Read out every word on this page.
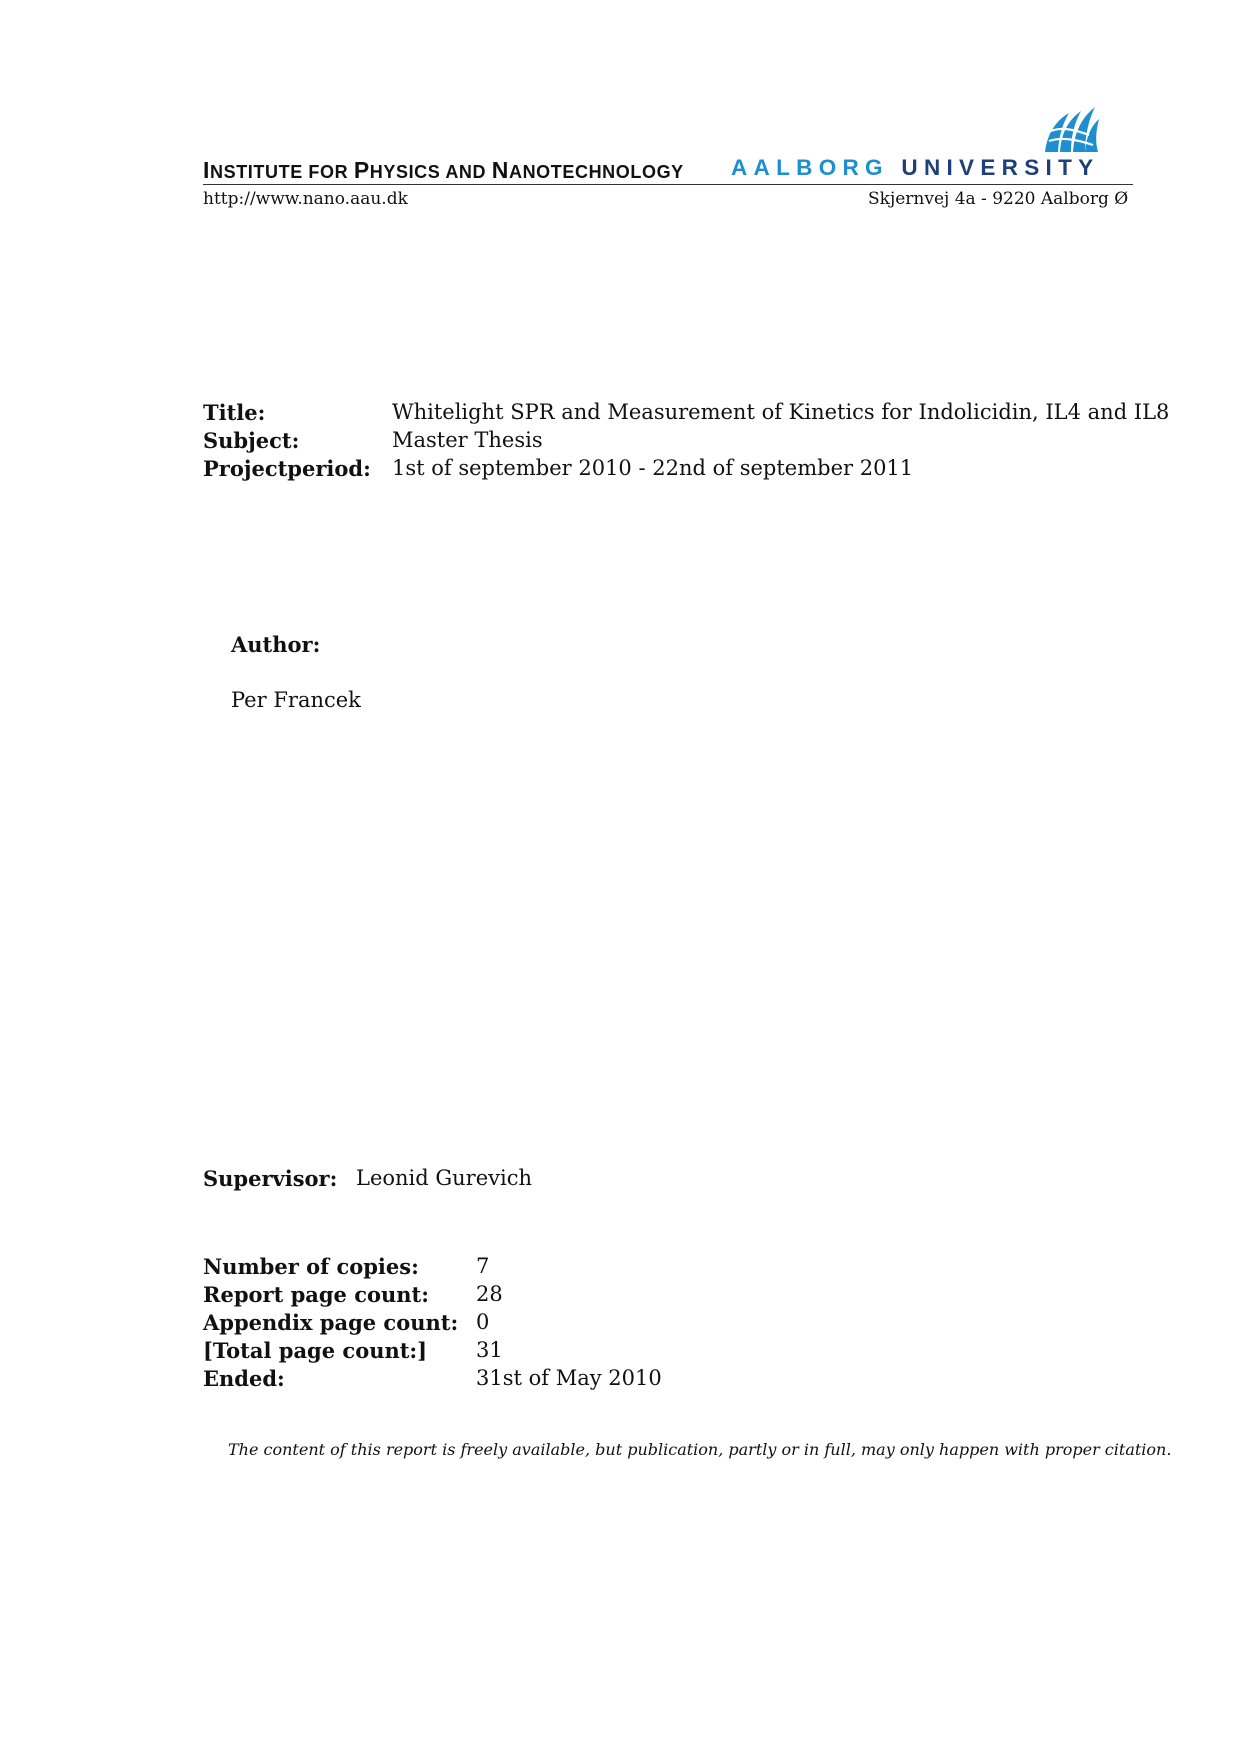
INSTITUTE FOR PHYSICS AND NANOTECHNOLOGY AALBORG UNIVERSITY
http://www.nano.aau.dk	Skjernvej 4a - 9220 Aalborg Ø
Title:	Whitelight SPR and Measurement of Kinetics for Indolicidin, IL4 and IL8
Subject:	Master Thesis
Projectperiod: 1st of september 2010 - 22nd of september 2011
Author:
Per Francek
Supervisor: Leonid Gurevich
Number of copies:	7
Report page count: 28
Appendix page count: 0
[Total page count:] 31
Ended:	31st of May 2010
The content of this report is freely available, but publication, partly or in full, may only happen with proper citation.
